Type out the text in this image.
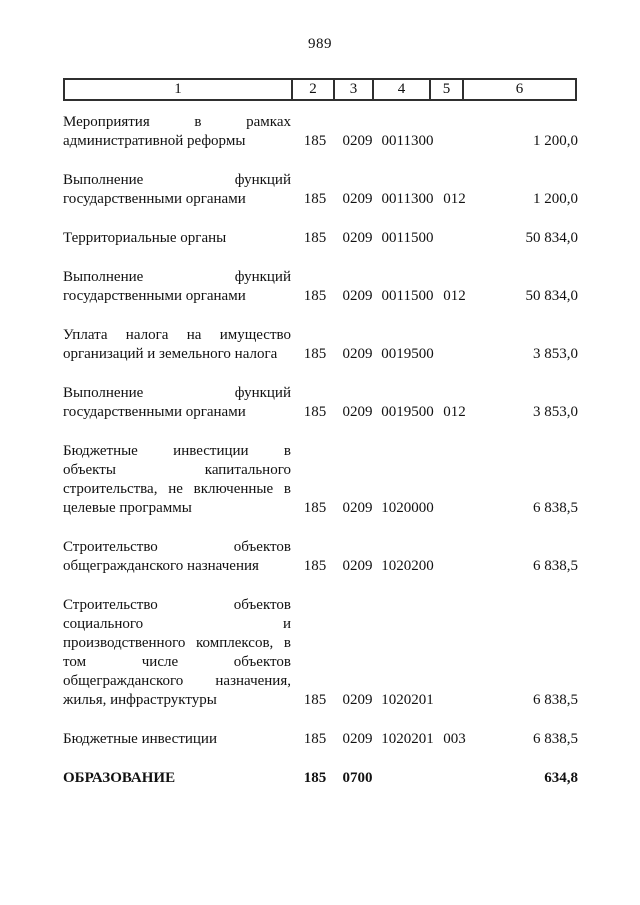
989
1	2	3	4	5	6
Мероприятия в рамках
административной реформы	185	0209 0011300	1 200,0
Выполнение функций
государственными органами	185	0209 0011300 012	1 200,0
Территориальные органы	185	0209 0011500	50 834,0
Выполнение функций
государственными органами	185	0209 0011500 012	50 834,0
Уплата налога на имущество
организаций и земельного налога	185	0209 0019500	3 853,0
Выполнение функций
государственными органами	185	0209 0019500 012	3 853,0
Бюджетные инвестиции в
объекты капитального
строительства, не включенные в
целевые программы	185	0209 1020000	6 838,5
Строительство объектов
общегражданского назначения	185	0209 1020200	6 838,5
Строительство объектов
социального и
производственного комплексов, в
том числе объектов
общегражданского назначения,
жилья, инфраструктуры	185	0209 1020201	6 838,5
Бюджетные инвестиции	185	0209 1020201 003	6 838,5
ОБРАЗОВАНИЕ	185	0700	634,8
